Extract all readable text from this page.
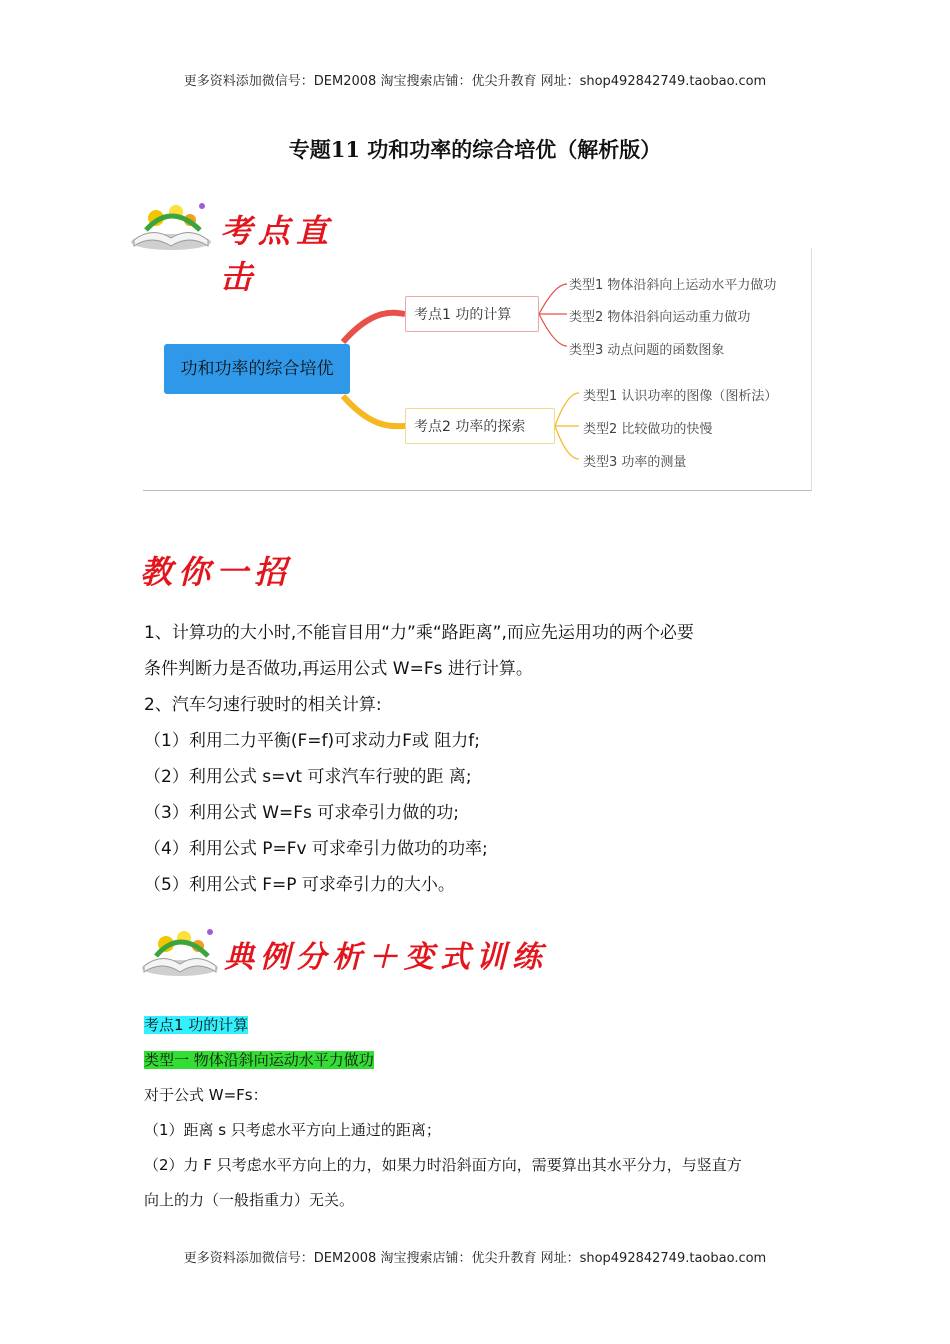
更多资料添加微信号：DEM2008 淘宝搜索店铺：优尖升教育 网址：shop492842749.taobao.com
专题11 功和功率的综合培优（解析版）
考点直击
功和功率的综合培优
考点1 功的计算
类型1 物体沿斜向上运动水平力做功
类型2 物体沿斜向运动重力做功
类型3 动点问题的函数图象
考点2 功率的探索
类型1 认识功率的图像（图析法）
类型2 比较做功的快慢
类型3 功率的测量
教你一招

1、计算功的大小时,不能盲目用“力”乘“路距离”,而应先运用功的两个必要

条件判断力是否做功,再运用公式 W=Fs 进行计算。

2、汽车匀速行驶时的相关计算:

（1）利用二力平衡(F=f)可求动力F或 阻力f;

（2）利用公式 s=vt 可求汽车行驶的距 离;

（3）利用公式 W=Fs 可求牵引力做的功;

（4）利用公式 P=Fv 可求牵引力做功的功率;

（5）利用公式 F=P 可求牵引力的大小。

典例分析＋变式训练

考点1 功的计算

类型一 物体沿斜向运动水平力做功

对于公式 W=Fs：

（1）距离 s 只考虑水平方向上通过的距离；

（2）力 F 只考虑水平方向上的力，如果力时沿斜面方向，需要算出其水平分力，与竖直方

向上的力（一般指重力）无关。

更多资料添加微信号：DEM2008 淘宝搜索店铺：优尖升教育 网址：shop492842749.taobao.com
